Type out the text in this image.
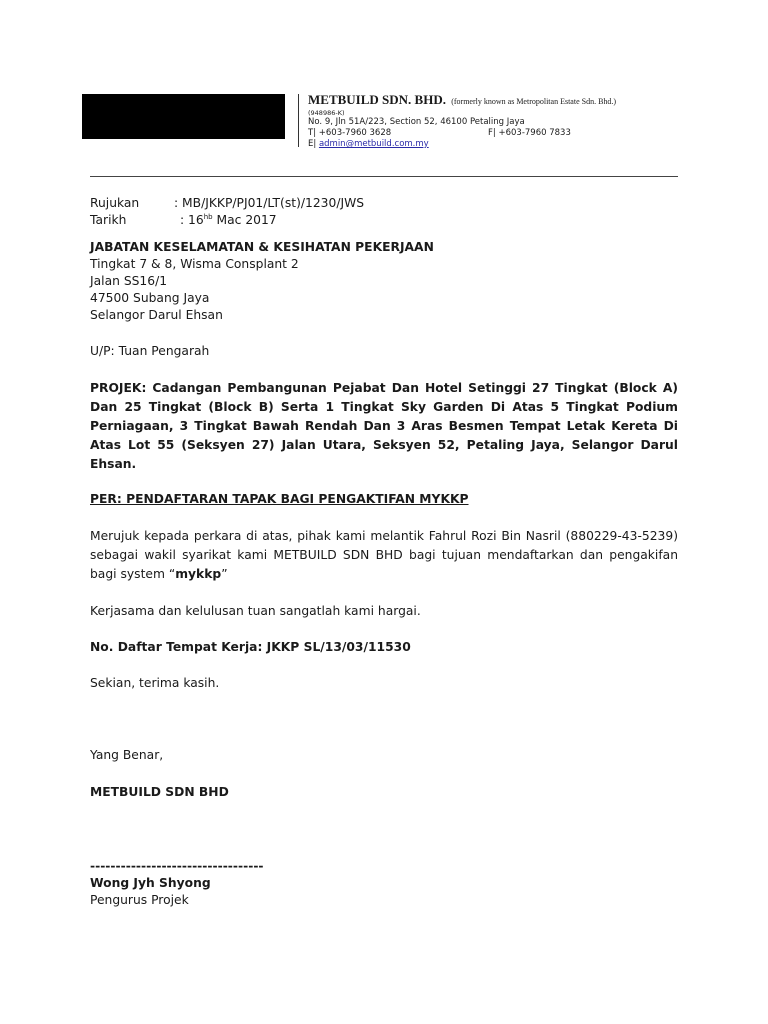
METBUILD SDN. BHD. (formerly known as Metropolitan Estate Sdn. Bhd.)
(948986-K)
No. 9, Jln 51A/223, Section 52, 46100 Petaling Jaya
T| +603-7960 3628	F| +603-7960 7833
E| admin@metbuild.com.my
Rujukan	: MB/JKKP/PJ01/LT(st)/1230/JWS
Tarikh	: $16^{hb}$ Mac 2017
JABATAN KESELAMATAN & KESIHATAN PEKERJAAN
Tingkat 7 & 8, Wisma Consplant 2
Jalan SS16/1
47500 Subang Jaya
Selangor Darul Ehsan
U/P: Tuan Pengarah

PROJEK: Cadangan Pembangunan Pejabat Dan Hotel Setinggi 27 Tingkat (Block A) Dan 25 Tingkat (Block B) Serta 1 Tingkat Sky Garden Di Atas 5 Tingkat Podium Perniagaan, 3 Tingkat Bawah Rendah Dan 3 Aras Besmen Tempat Letak Kereta Di Atas Lot 55 (Seksyen 27) Jalan Utara, Seksyen 52, Petaling Jaya, Selangor Darul Ehsan.

PER: PENDAFTARAN TAPAK BAGI PENGAKTIFAN MYKKP

Merujuk kepada perkara di atas, pihak kami melantik Fahrul Rozi Bin Nasril (880229-43-5239) sebagai wakil syarikat kami METBUILD SDN BHD bagi tujuan mendaftarkan dan pengakifan bagi system “mykkp”

Kerjasama dan kelulusan tuan sangatlah kami hargai.
No. Daftar Tempat Kerja: JKKP SL/13/03/11530
Sekian, terima kasih.
Yang Benar,
METBUILD SDN BHD
----------------------------------
Wong Jyh Shyong
Pengurus Projek
